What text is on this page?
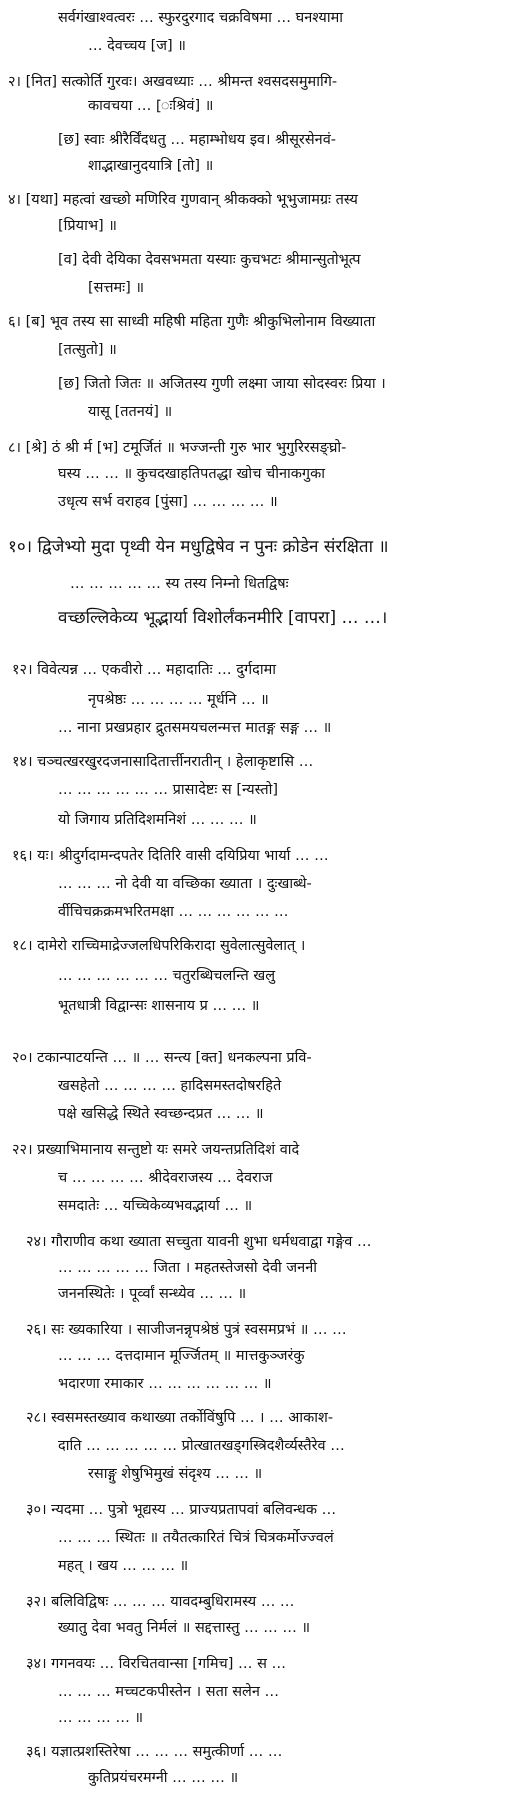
सर्वगंखाश्वत्वरः … स्फुरदुरगाद चक्रविषमा … घनश्यामा
… देवच्चय [ज] ॥
२। [नित] सत्कोर्ति गुरवः। अखवध्याः … श्रीमन्त श्वसदसमुमागि-
कावचया … [ःश्रिवं] ॥
[छ] स्वाः श्रीरैर्विंदधतु … महाम्भोधय इव। श्रीसूरसेनवं-
शाद्भाखानुदयात्रि [तो] ॥
४। [यथा] महत्वां खच्छो मणिरिव गुणवान् श्रीकक्को भूभुजामग्रः तस्य
[प्रियाभ] ॥
[व] देवी देयिका देवसभमता यस्याः कुचभटः श्रीमान्सुतोभूत्प
[सत्तमः] ॥
६। [ब] भूव तस्य सा साध्वी महिषी महिता गुणैः श्रीकुभिलोनाम विख्याता
[तत्सुतो] ॥
[छ] जितो जितः ॥ अजितस्य गुणी लक्ष्मा जाया सोदस्वरः प्रिया ।
यासू [ततनयं] ॥
८। [श्रे] ठं श्री र्म [भ] टमूर्जितं ॥ भज्जन्ती गुरु भार भुगुरिरसङ्घ्रो-
घस्य … … ॥ कुचदखाहतिपतद्धा खोच चीनाकगुका
उधृत्य सर्भ वराहव [पुंसा] … … … … ॥
१०। द्विजेभ्यो मुदा पृथ्वी येन मधुद्विषेव न पुनः क्रोडेन संरक्षिता ॥
… … … … … स्य तस्य निम्नो धितद्विषः
वच्छल्लिकेव्य भूद्भार्या विशोर्लंकनमीरि [वापरा] … …।
१२। विवेत्यन्न … एकवीरो … महादातिः … दुर्गदामा
नृपश्रेष्ठः … … … … मूर्धनि … ॥
… नाना प्रखप्रहार द्रुतसमयचलन्मत्त मातङ्ग सङ्ग … ॥
१४। चञ्चत्खरखुरदजनासादितार्त्तीनरातीन् । हेलाकृष्टासि …
… … … … … … प्रासादेष्टः स [न्यस्तो]
यो जिगाय प्रतिदिशमनिशं … … … ॥
१६। यः। श्रीदुर्गदामन्दपतेर दितिरि वासी दयिप्रिया भार्या … …
… … … नो देवी या वच्छिका ख्याता । दुःखाब्धे-
र्वीचिचक्रक्रमभरितमक्षा … … … … … …
१८। दामेरो राच्चिमाद्रेज्जलधिपरिकिरादा सुवेलात्सुवेलात् ।
… … … … … … चतुरब्धिचलन्ति खलु
भूतधात्री विद्वान्सः शासनाय प्र … … ॥
२०। टकान्पाटयन्ति … ॥ … सन्त्य [क्त] धनकल्पना प्रवि-
खसहेतो … … … … हादिसमस्तदोषरहिते
पक्षे खसिद्धे स्थिते स्वच्छन्दप्रत … … ॥
२२। प्रख्याभिमानाय सन्तुष्टो यः समरे जयन्तप्रतिदिशं वादे
च … … … … श्रीदेवराजस्य … देवराज
समदातेः … यच्चिकेव्यभवद्भार्या … ॥
२४। गौराणीव कथा ख्याता सच्चुता यावनी शुभा धर्मधवाद्वा गङ्गेव …
… … … … … जिता । महतस्तेजसो देवी जननी
जननस्थितेः । पूर्व्वां सन्ध्येव … … ॥
२६। सः ख्यकारिया । साजीजनन्नृपश्रेष्ठं पुत्रं स्वसमप्रभं ॥ … …
… … … दत्तदामान मूर्ज्जितम् ॥ मात्तकुञ्जरंकु
भदारणा रमाकार … … … … … … ॥
२८। स्वसमस्तख्याव कथाख्या तर्कोविंषुपि … । … आकाश-
दाति … … … … … प्रोत्खातखड्गस्त्रिदशैर्व्यस्तैरेव …
रसाङ्गु शेषुभिमुखं संदृश्य … … ॥
३०। न्यदमा … पुत्रो भूद्यस्य … प्राज्यप्रतापवां बलिवन्धक …
… … … स्थितः ॥ तयैतत्कारितं चित्रं चित्रकर्मोज्ज्वलं
महत् । खय … … … ॥
३२। बलिविद्विषः … … … यावदम्बुधिरामस्य … …
ख्यातु देवा भवतु निर्मलं ॥ सद्दत्तास्तु … … … ॥
३४। गगनवयः … विरचितवान्सा [गमिच] … स …
… … … मच्चटकपीस्तेन । सता सलेन …
… … … … ॥
३६। यज्ञात्प्रशस्तिरेषा … … … समुत्कीर्णा … …
कुतिप्रयंचरमग्नी … … … ॥
